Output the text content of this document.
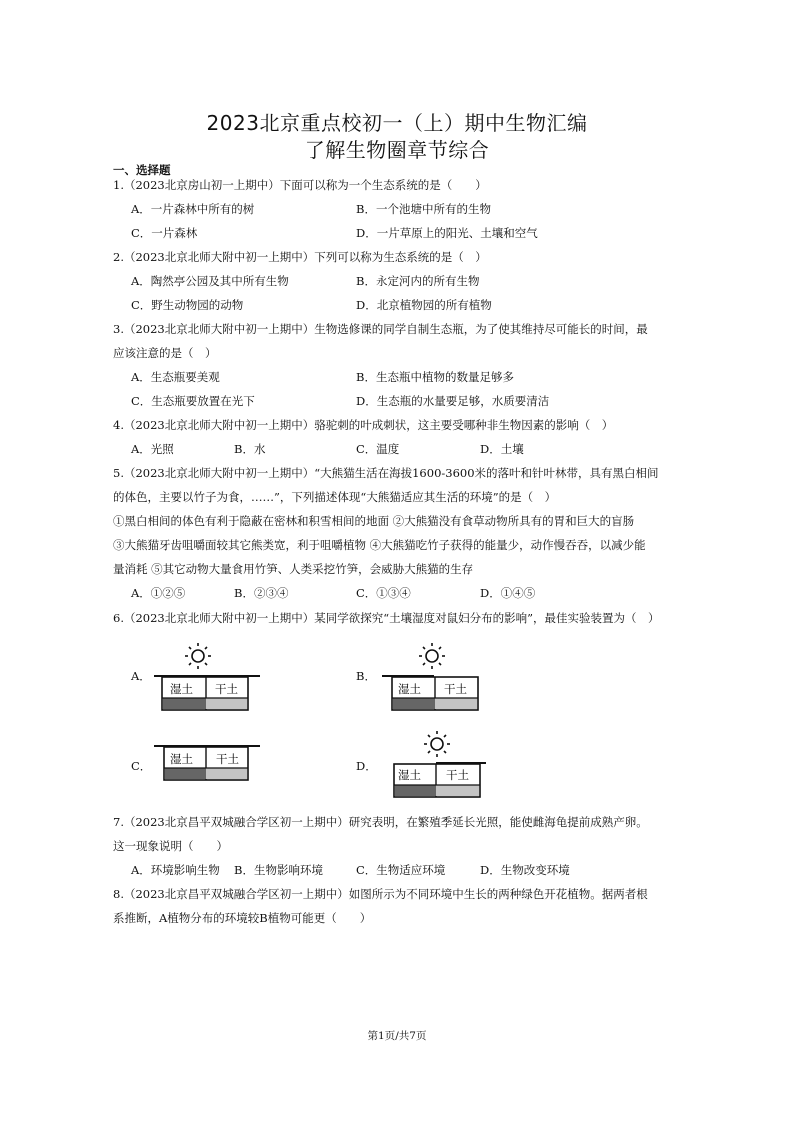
2023北京重点校初一（上）期中生物汇编
了解生物圈章节综合
一、选择题
1.（2023北京房山初一上期中）下面可以称为一个生态系统的是（　　）
A．一片森林中所有的树	B．一个池塘中所有的生物
C．一片森林	D．一片草原上的阳光、土壤和空气
2.（2023北京北师大附中初一上期中）下列可以称为生态系统的是（　）
A．陶然亭公园及其中所有生物	B．永定河内的所有生物
C．野生动物园的动物	D．北京植物园的所有植物
3.（2023北京北师大附中初一上期中）生物选修课的同学自制生态瓶，为了使其维持尽可能长的时间，最
应该注意的是（　）
A．生态瓶要美观	B．生态瓶中植物的数量足够多
C．生态瓶要放置在光下	D．生态瓶的水量要足够，水质要清洁
4.（2023北京北师大附中初一上期中）骆驼刺的叶成刺状，这主要受哪种非生物因素的影响（　）
A．光照	B．水	C．温度	D．土壤
5.（2023北京北师大附中初一上期中）“大熊猫生活在海拔1600-3600米的落叶和针叶林带，具有黑白相间
的体色，主要以竹子为食，……”，下列描述体现“大熊猫适应其生活的环境”的是（　）
①黑白相间的体色有利于隐蔽在密林和积雪相间的地面 ②大熊猫没有食草动物所具有的胃和巨大的盲肠
③大熊猫牙齿咀嚼面较其它熊类宽，利于咀嚼植物 ④大熊猫吃竹子获得的能量少，动作慢吞吞，以减少能
量消耗 ⑤其它动物大量食用竹笋、人类采挖竹笋，会威胁大熊猫的生存
A．①②⑤	B．②③④	C．①③④	D．①④⑤
6.（2023北京北师大附中初一上期中）某同学欲探究“土壤湿度对鼠妇分布的影响”，最佳实验装置为（　）
A．
湿土 干土
B．
湿土 干土
C． 湿土 干土	D．
湿土 干土
7.（2023北京昌平双城融合学区初一上期中）研究表明，在繁殖季延长光照，能使雌海龟提前成熟产卵。
这一现象说明（　　）
A．环境影响生物 B．生物影响环境	C．生物适应环境	D．生物改变环境
8.（2023北京昌平双城融合学区初一上期中）如图所示为不同环境中生长的两种绿色开花植物。据两者根
系推断，A植物分布的环境较B植物可能更（　　）
第1页/共7页
